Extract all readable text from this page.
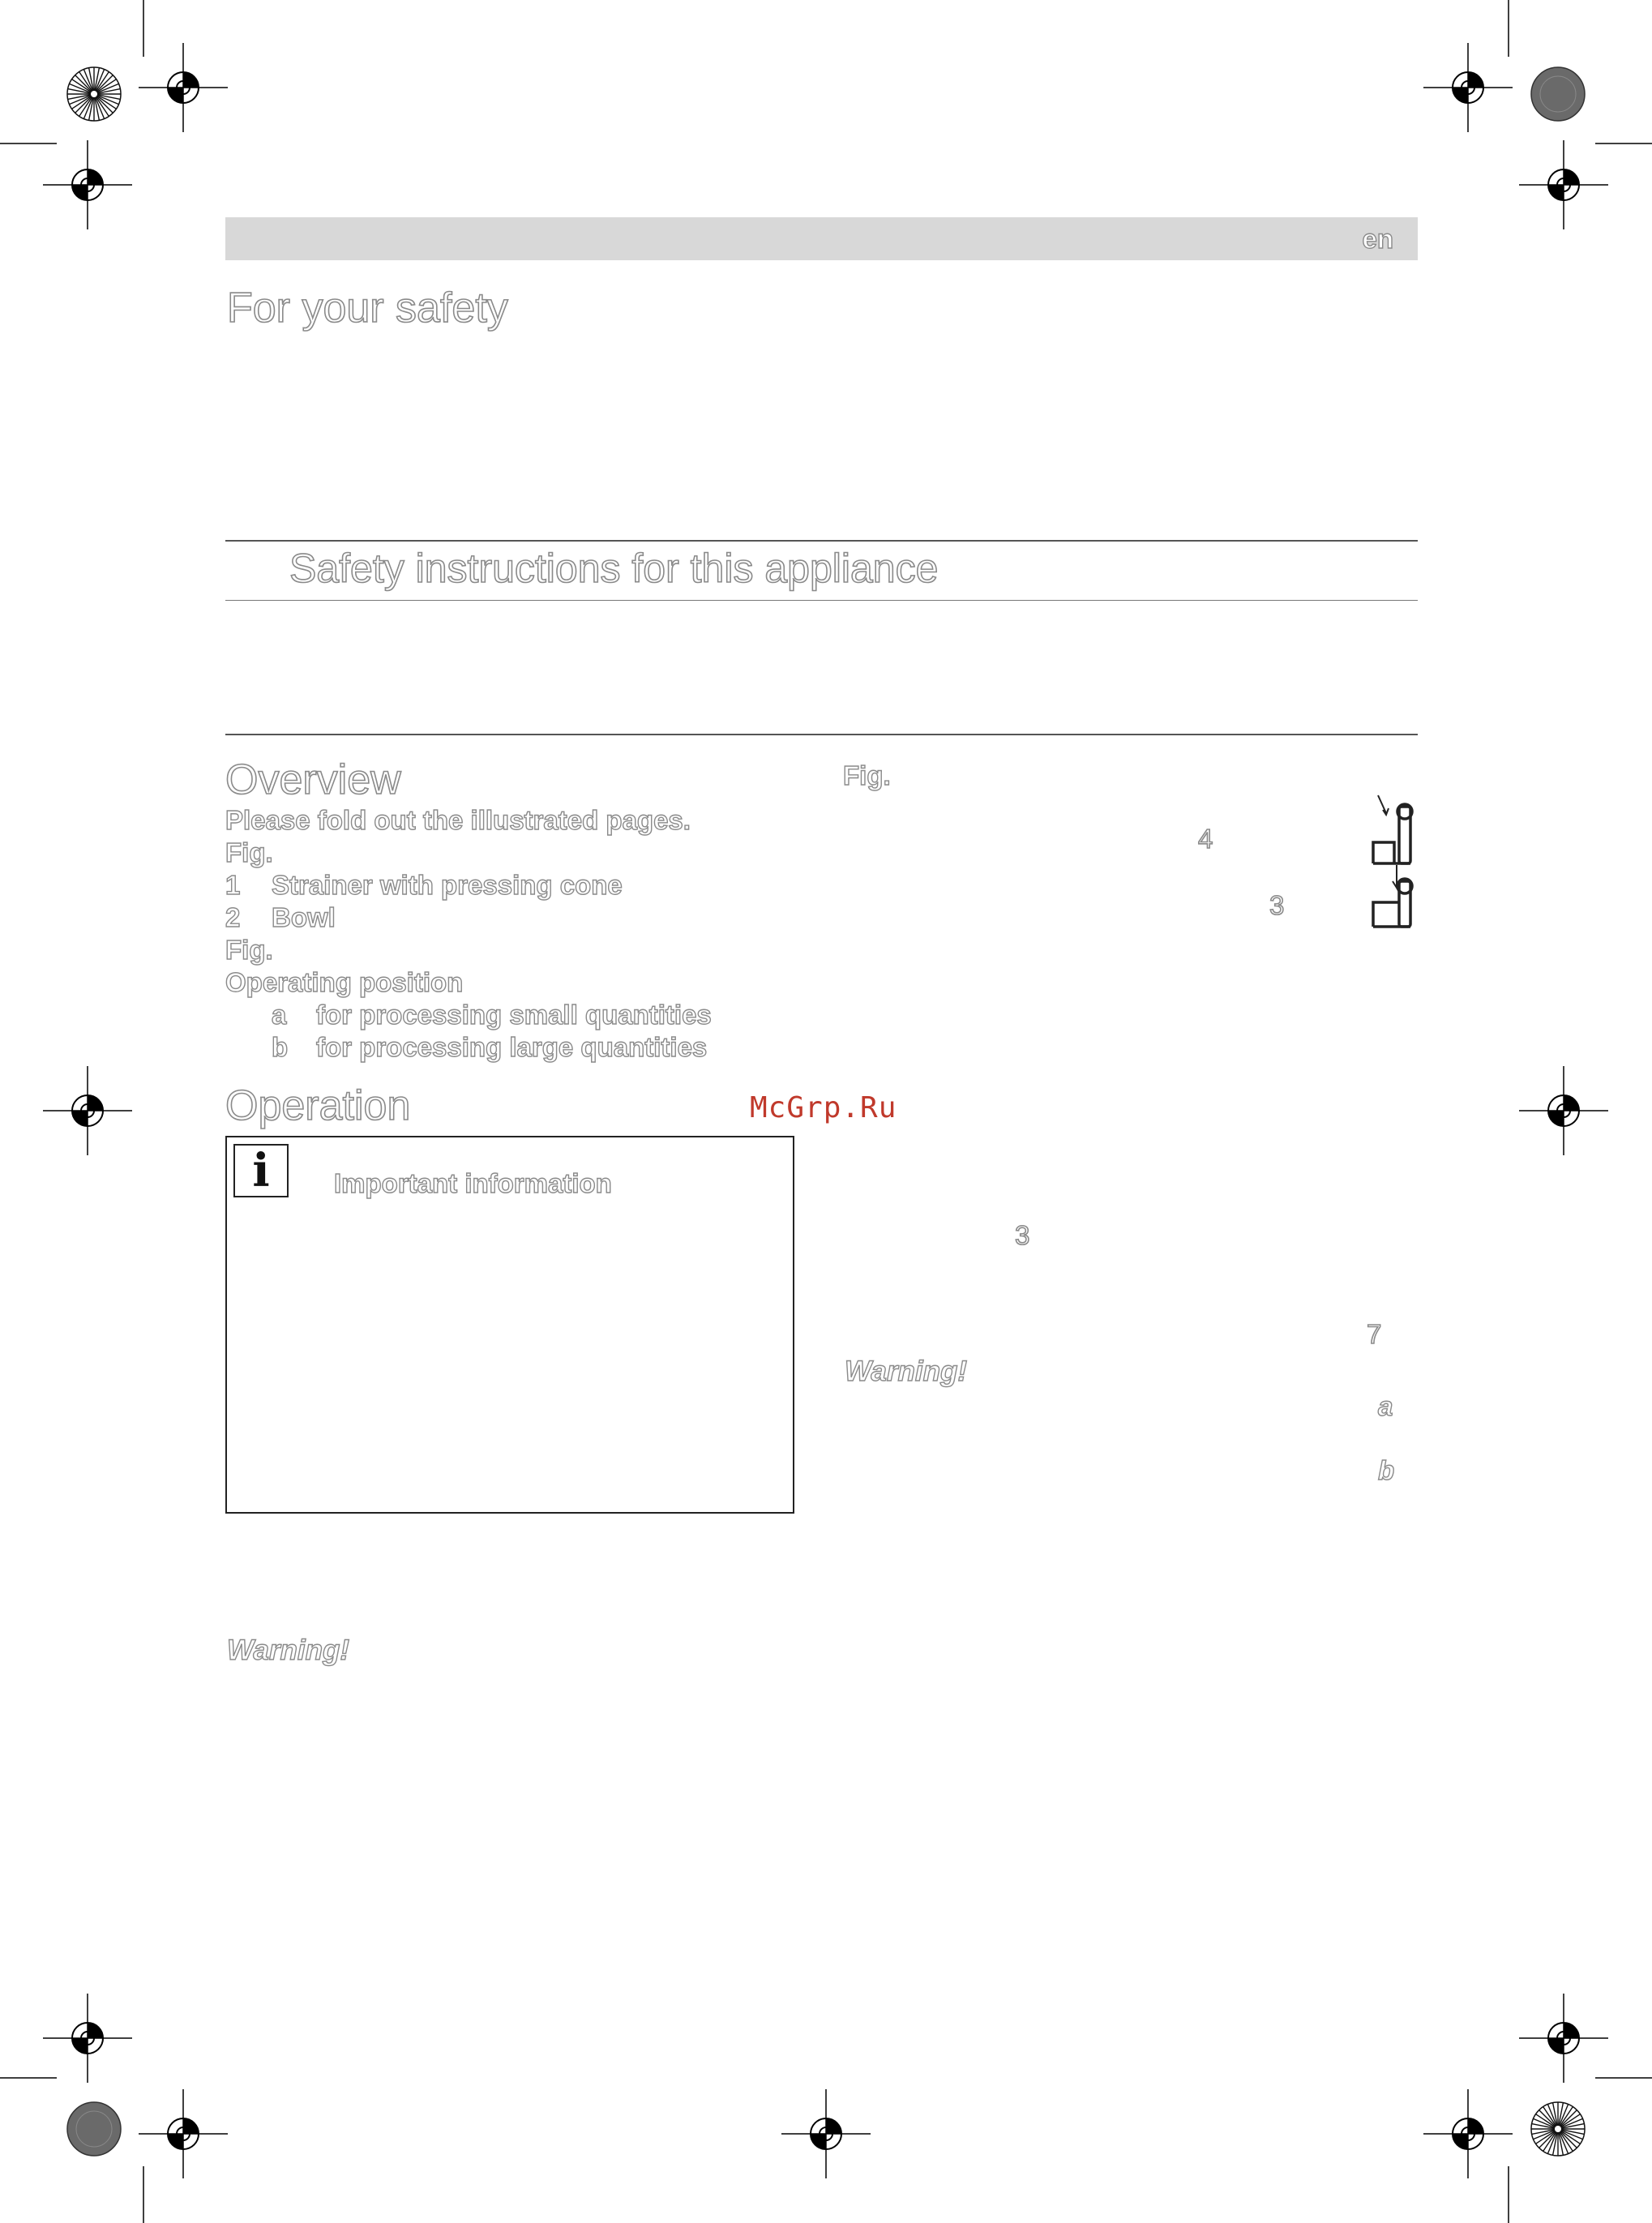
en
For your safety
Safety instructions for this appliance
Overview
Please fold out the illustrated pages.
Fig.
1 Strainer with pressing cone
2 Bowl
Fig.
Operating position
a for processing small quantities
b for processing large quantities
Operation
i	Important information
Warning!
Fig.
4
3
McGrp.Ru
3
7
Warning!
a
b
